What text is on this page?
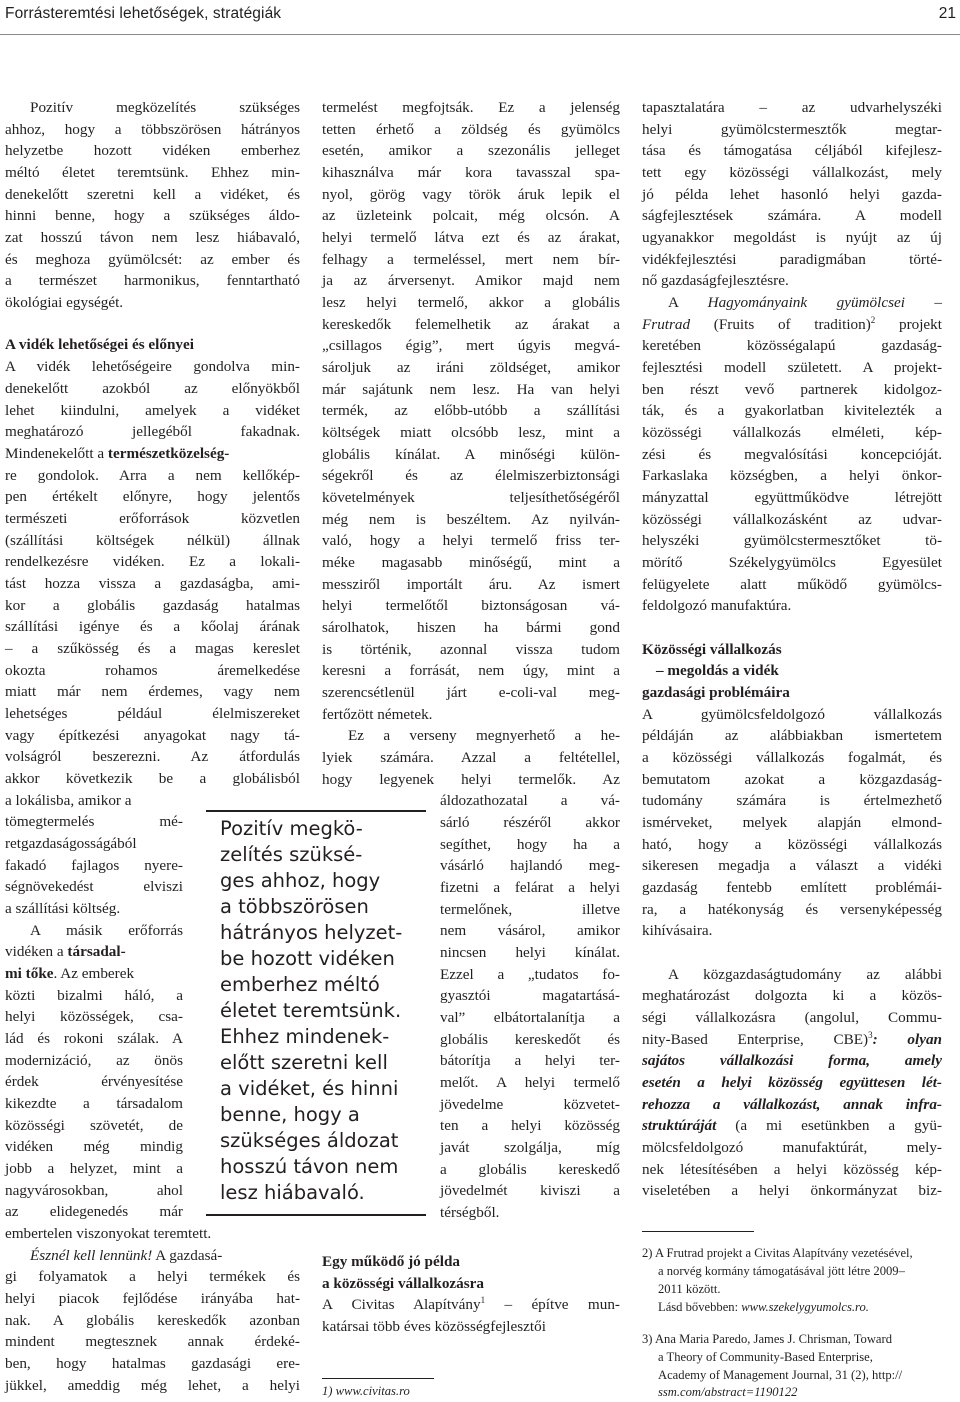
Forrásteremtési lehetőségek, stratégiák	21
Pozitív megközelítés szükséges
ahhoz, hogy a többszörösen hátrányos
helyzetbe hozott vidéken emberhez
méltó életet teremtsünk. Ehhez min-
denekelőtt szeretni kell a vidéket, és
hinni benne, hogy a szükséges áldo-
zat hosszú távon nem lesz hiábavaló,
és meghoza gyümölcsét: az ember és
a természet harmonikus, fenntartható
ökológiai egységét.
A vidék lehetőségei és előnyei
A vidék lehetőségeire gondolva min-
denekelőtt azokból az előnyökből
lehet kiindulni, amelyek a vidéket
meghatározó jellegéből fakadnak.
Mindenekelőtt a természetközelség-
re gondolok. Arra a nem kellőkép-
pen értékelt előnyre, hogy jelentős
természeti erőforrások közvetlen
(szállítási költségek nélkül) állnak
rendelkezésre vidéken. Ez a lokali-
tást hozza vissza a gazdaságba, ami-
kor a globális gazdaság hatalmas
szállítási igénye és a kőolaj árának
– a szűkösség és a magas kereslet
okozta rohamos áremelkedése
miatt már nem érdemes, vagy nem
lehetséges például élelmiszereket
vagy építkezési anyagokat nagy tá-
volságról beszerezni. Az átfordulás
akkor következik be a globálisból
a lokálisba, amikor a
tömegtermelés mé-
retgazdaságosságából
fakadó fajlagos nyere-
ségnövekedést elviszi
a szállítási költség.
A másik erőforrás
vidéken a társadal-
mi tőke. Az emberek
közti bizalmi háló, a
helyi közösségek, csa-
lád és rokoni szálak. A
modernizáció, az önös
érdek érvényesítése
kikezdte a társadalom
közösségi szövetét, de
vidéken még mindig
jobb a helyzet, mint a
nagyvárosokban, ahol
az elidegenedés már
embertelen viszonyokat teremtett.
Észnél kell lennünk! A gazdasá-
gi folyamatok a helyi termékek és
helyi piacok fejlődése irányába hat-
nak. A globális kereskedők azonban
mindent megtesznek annak érdeké-
ben, hogy hatalmas gazdasági ere-
jükkel, ameddig még lehet, a helyi
Pozitív megkö-
zelítés szüksé-
ges ahhoz, hogy
a többszörösen
hátrányos helyzet-
be hozott vidéken
emberhez méltó
életet teremtsünk.
Ehhez mindenek-
előtt szeretni kell
a vidéket, és hinni
benne, hogy a
szükséges áldozat
hosszú távon nem
lesz hiábavaló.
termelést megfojtsák. Ez a jelenség
tetten érhető a zöldség és gyümölcs
esetén, amikor a szezonális jelleget
kihasználva már kora tavasszal spa-
nyol, görög vagy török áruk lepik el
az üzleteink polcait, még olcsón. A
helyi termelő látva ezt és az árakat,
felhagy a termeléssel, mert nem bír-
ja az árversenyt. Amikor majd nem
lesz helyi termelő, akkor a globális
kereskedők felemelhetik az árakat a
„csillagos égig”, mert úgyis megvá-
sároljuk az iráni zöldséget, amikor
már sajátunk nem lesz. Ha van helyi
termék, az előbb-utóbb a szállítási
költségek miatt olcsóbb lesz, mint a
globális kínálat. A minőségi külön-
ségekről és az élelmiszerbiztonsági
követelmények teljesíthetőségéről
még nem is beszéltem. Az nyilván-
való, hogy a helyi termelő friss ter-
méke magasabb minőségű, mint a
messziről importált áru. Az ismert
helyi termelőtől biztonságosan vá-
sárolhatok, hiszen ha bármi gond
is történik, azonnal vissza tudom
keresni a forrását, nem úgy, mint a
szerencsétlenül járt e-coli-val meg-
fertőzött németek.
Ez a verseny megnyerhető a he-
lyiek számára. Azzal a feltétellel,
hogy legyenek helyi termelők. Az
áldozathozatal a vá-
sárló részéről akkor
segíthet, hogy ha a
vásárló hajlandó meg-
fizetni a felárat a helyi
termelőnek, illetve
nem vásárol, amikor
nincsen helyi kínálat.
Ezzel a „tudatos fo-
gyasztói magatartásá-
val” elbátortalanítja a
globális kereskedőt és
bátorítja a helyi ter-
melőt. A helyi termelő
jövedelme közvetet-
ten a helyi közösség
javát szolgálja, míg
a globális kereskedő
jövedelmét kiviszi a
térségből.
Egy működő jó példa
a közösségi vállalkozásra
A Civitas Alapítvány$^1$ – építve mun-
katársai több éves közösségfejlesztői
1) www.civitas.ro
tapasztalatára – az udvarhelyszéki
helyi gyümölcstermesztők megtar-
tása és támogatása céljából kifejlesz-
tett egy közösségi vállalkozást, mely
jó példa lehet hasonló helyi gazda-
ságfejlesztések számára. A modell
ugyanakkor megoldást is nyújt az új
vidékfejlesztési paradigmában törté-
nő gazdaságfejlesztésre.
A Hagyományaink gyümölcsei –
Frutrad (Fruits of tradition)$^2$ projekt
keretében közösségalapú gazdaság-
fejlesztési modell született. A projekt-
ben részt vevő partnerek kidolgoz-
ták, és a gyakorlatban kivitelezték a
közösségi vállalkozás elméleti, kép-
zési és megvalósítási koncepcióját.
Farkaslaka községben, a helyi önkor-
mányzattal együttműködve létrejött
közösségi vállalkozásként az udvar-
helyszéki gyümölcstermesztőket tö-
mörítő Székelygyümölcs Egyesület
felügyelete alatt működő gyümölcs-
feldolgozó manufaktúra.
Közösségi vállalkozás
– megoldás a vidék
gazdasági problémáira
A gyümölcsfeldolgozó vállalkozás
példáján az alábbiakban ismertetem
a közösségi vállalkozás fogalmát, és
bemutatom azokat a közgazdaság-
tudomány számára is értelmezhető
ismérveket, melyek alapján elmond-
ható, hogy a közösségi vállalkozás
sikeresen megadja a választ a vidéki
gazdaság fentebb említett problémái-
ra, a hatékonyság és versenyképesség
kihívásaira.
A közgazdaságtudomány az alábbi
meghatározást dolgozta ki a közös-
ségi vállalkozásra (angolul, Commu-
nity-Based Enterprise, CBE)$^3$: olyan
sajátos vállalkozási forma, amely
esetén a helyi közösség együttesen lét-
rehozza a vállalkozást, annak infra-
struktúráját (a mi esetünkben a gyü-
mölcsfeldolgozó manufaktúrát, mely-
nek létesítésében a helyi közösség kép-
viseletében a helyi önkormányzat biz-
2) A Frutrad projekt a Civitas Alapítvány vezetésével,
a norvég kormány támogatásával jött létre 2009–
2011 között.
Lásd bővebben: www.szekelygyumolcs.ro.
3) Ana Maria Paredo, James J. Chrisman, Toward
a Theory of Community-Based Enterprise,
Academy of Management Journal, 31 (2), http://
ssm.com/abstract=1190122
